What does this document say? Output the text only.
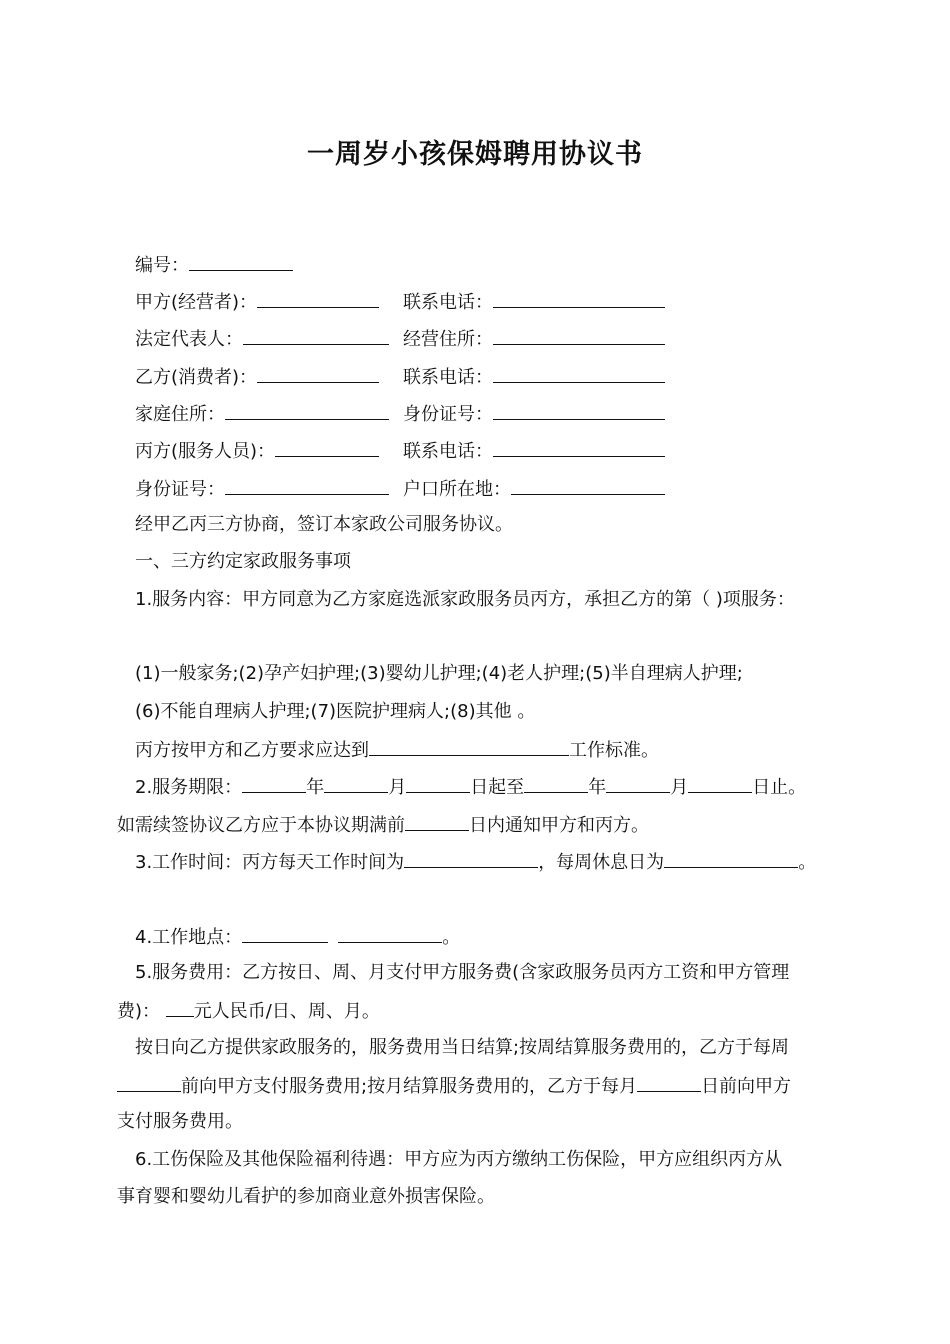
一周岁小孩保姆聘用协议书
编号：
甲方(经营者)：	联系电话：
法定代表人：	经营住所：
乙方(消费者)：	联系电话：
家庭住所：	身份证号：
丙方(服务人员)：	联系电话：
身份证号：	户口所在地：
经甲乙丙三方协商，签订本家政公司服务协议。
一、三方约定家政服务事项
1.服务内容：甲方同意为乙方家庭选派家政服务员丙方，承担乙方的第（ )项服务：
(1)一般家务;(2)孕产妇护理;(3)婴幼儿护理;(4)老人护理;(5)半自理病人护理;
(6)不能自理病人护理;(7)医院护理病人;(8)其他 。
丙方按甲方和乙方要求应达到	工作标准。
2.服务期限：	年	月	日起至	年	月	日止。
如需续签协议乙方应于本协议期满前	日内通知甲方和丙方。
3.工作时间：丙方每天工作时间为	，每周休息日为	。
4.工作地点：	。
5.服务费用：乙方按日、周、月支付甲方服务费(含家政服务员丙方工资和甲方管理
费)： 元人民币/日、周、月。
按日向乙方提供家政服务的，服务费用当日结算;按周结算服务费用的，乙方于每周
前向甲方支付服务费用;按月结算服务费用的，乙方于每月	日前向甲方
支付服务费用。
6.工伤保险及其他保险福利待遇：甲方应为丙方缴纳工伤保险，甲方应组织丙方从
事育婴和婴幼儿看护的参加商业意外损害保险。
